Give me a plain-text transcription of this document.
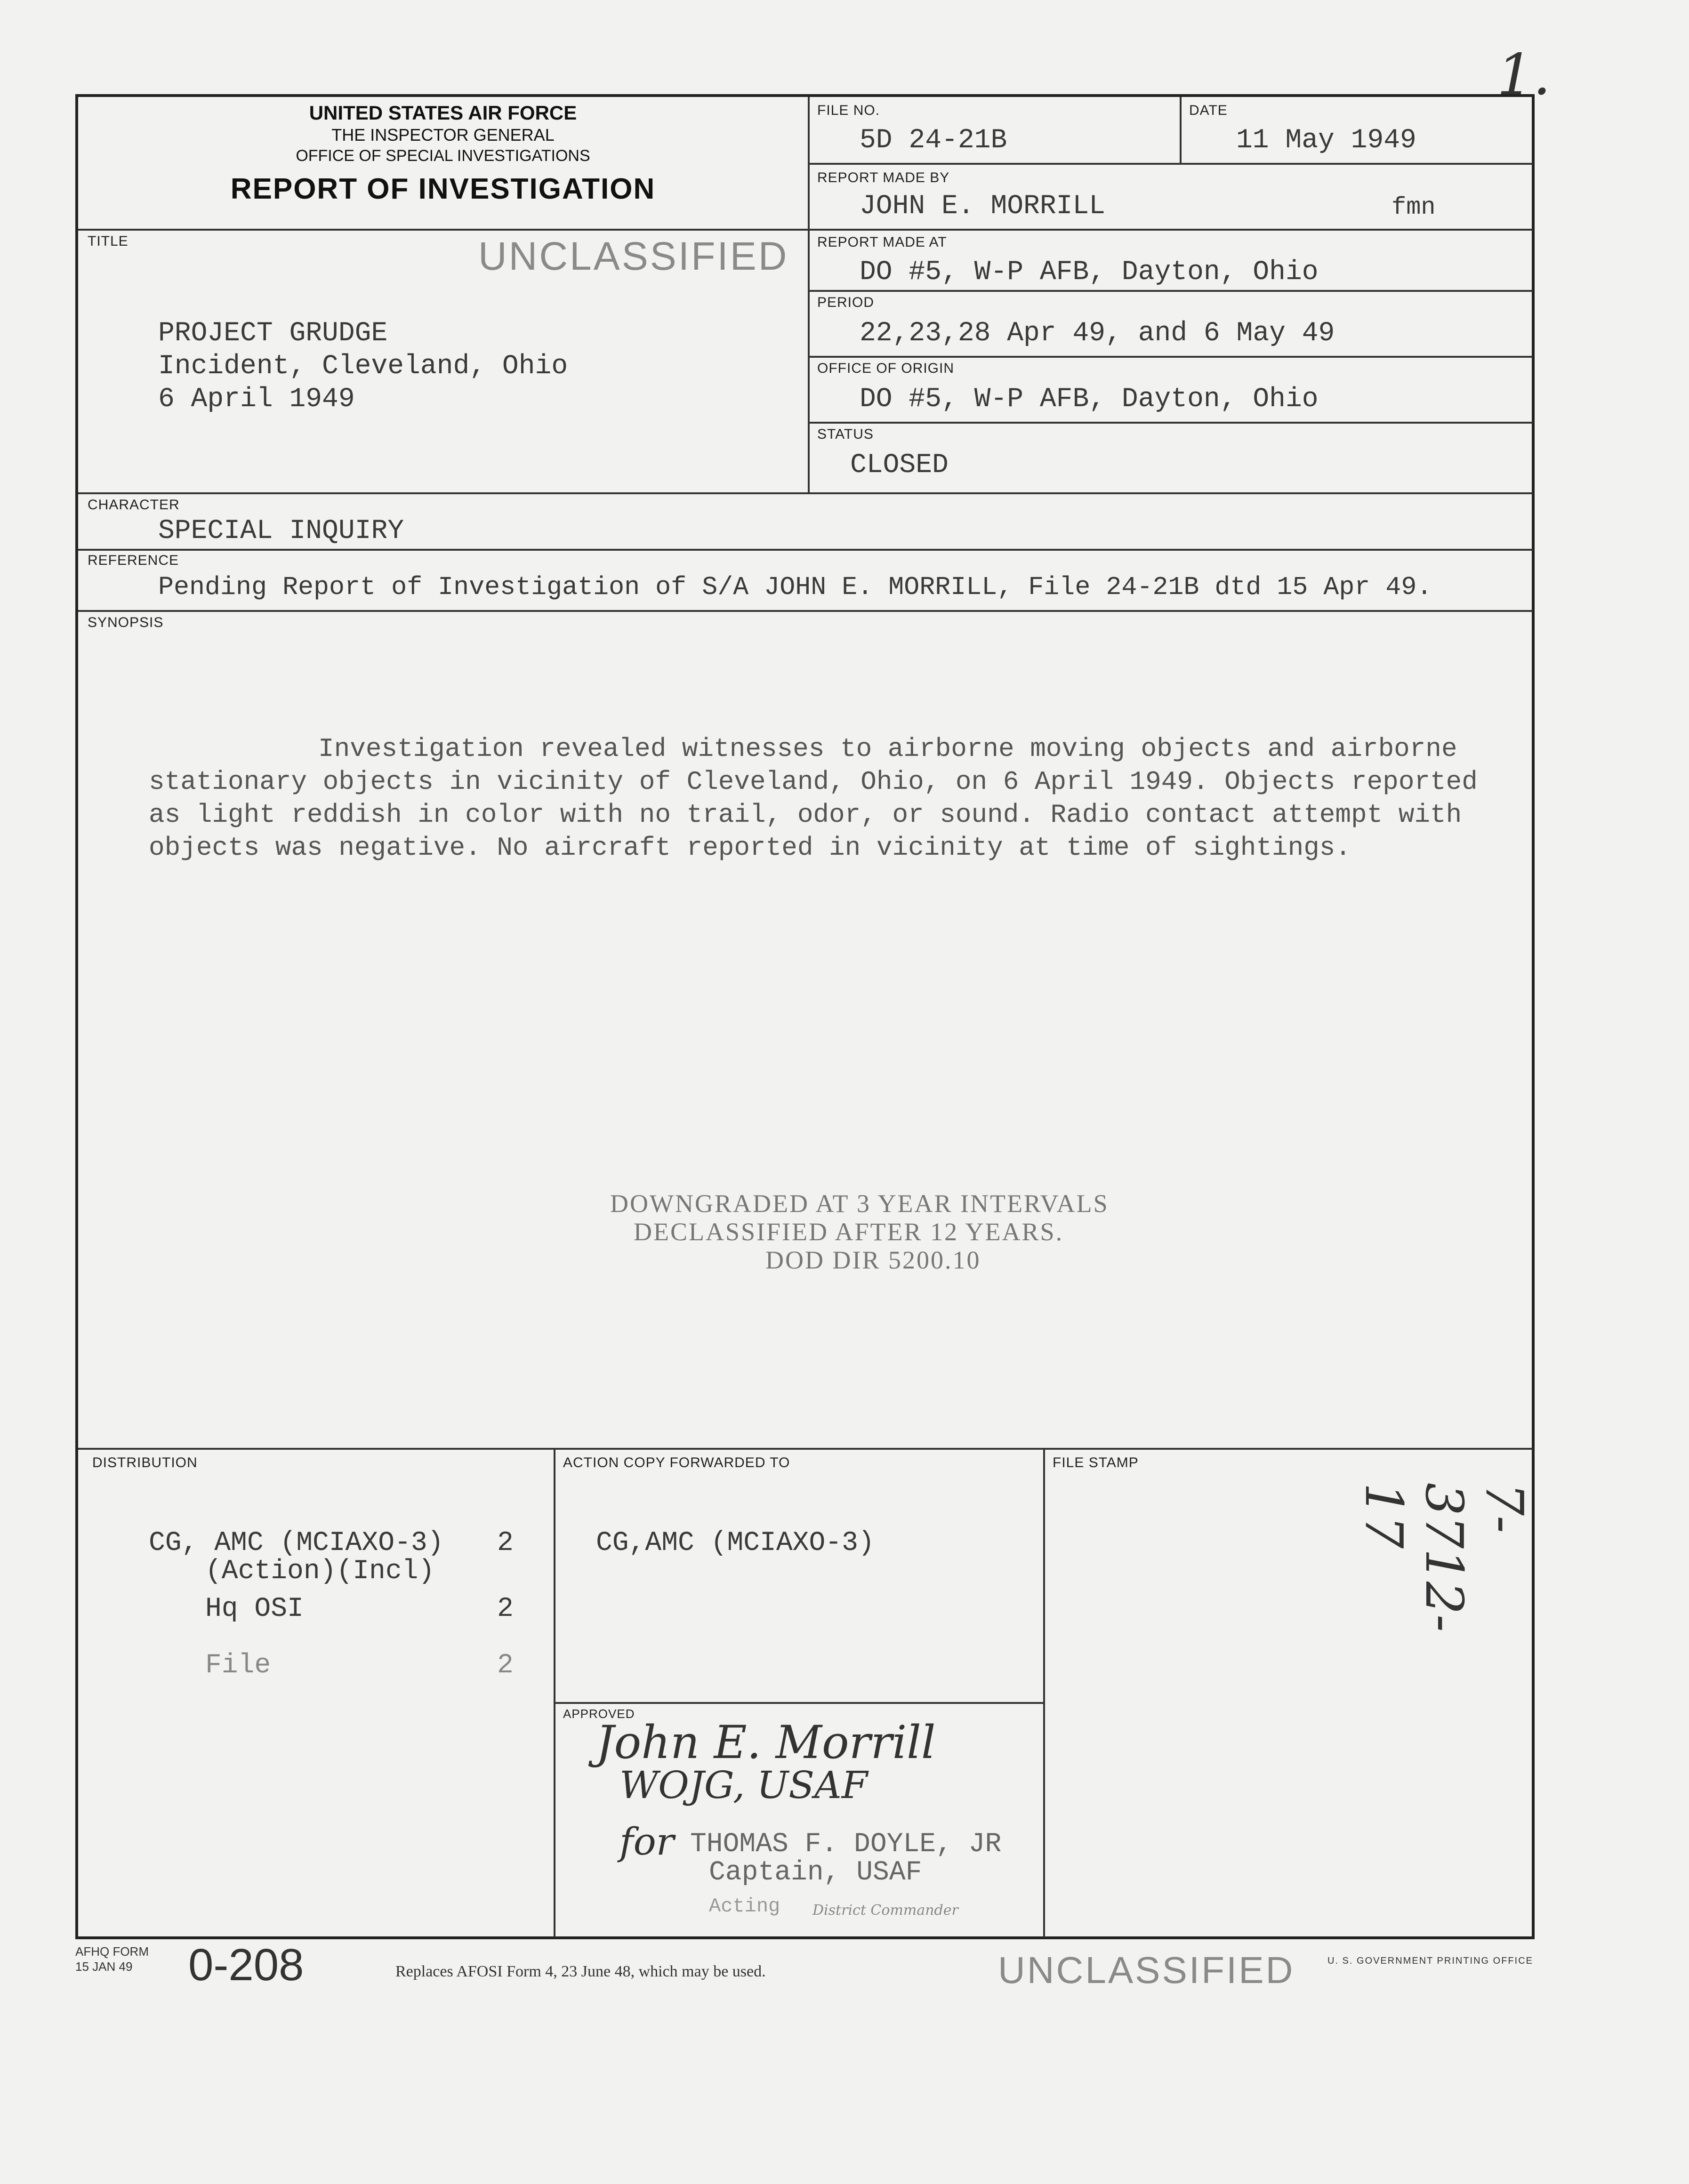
UNITED STATES AIR FORCE
THE INSPECTOR GENERAL
OFFICE OF SPECIAL INVESTIGATIONS
REPORT OF INVESTIGATION
FILE NO.
5D 24-21B
DATE
11 May 1949
REPORT MADE BY
JOHN E. MORRILL	fmn
TITLE	UNCLASSIFIED
PROJECT GRUDGE
Incident, Cleveland, Ohio
6 April 1949
REPORT MADE AT
DO #5, W-P AFB, Dayton, Ohio
PERIOD
22,23,28 Apr 49, and 6 May 49
OFFICE OF ORIGIN
DO #5, W-P AFB, Dayton, Ohio
STATUS
CLOSED
CHARACTER
SPECIAL INQUIRY
REFERENCE
Pending Report of Investigation of S/A JOHN E. MORRILL, File 24-21B dtd 15 Apr 49.
SYNOPSIS
Investigation revealed witnesses to airborne moving objects and airborne stationary objects in vicinity of Cleveland, Ohio, on 6 April 1949. Objects reported as light reddish in color with no trail, odor, or sound. Radio contact attempt with objects was negative. No aircraft reported in vicinity at time of sightings.
DOWNGRADED AT 3 YEAR INTERVALS
DECLASSIFIED AFTER 12 YEARS.
DOD DIR 5200.10
DISTRIBUTION	ACTION COPY FORWARDED TO	FILE STAMP
CG, AMC (MCIAXO-3) 2
(Action)(Incl)
Hq OSI	2
File	2
CG,AMC (MCIAXO-3)
APPROVED
John E. Morrill
WOJG, USAF
for THOMAS F. DOYLE, JR
Captain, USAF
Acting District Commander
AFHQ FORM
15 JAN 49	0-208	Replaces AFOSI Form 4, 23 June 48, which may be used.	UNCLASSIFIED	U. S. GOVERNMENT PRINTING OFFICE
7-3712-17
1.
